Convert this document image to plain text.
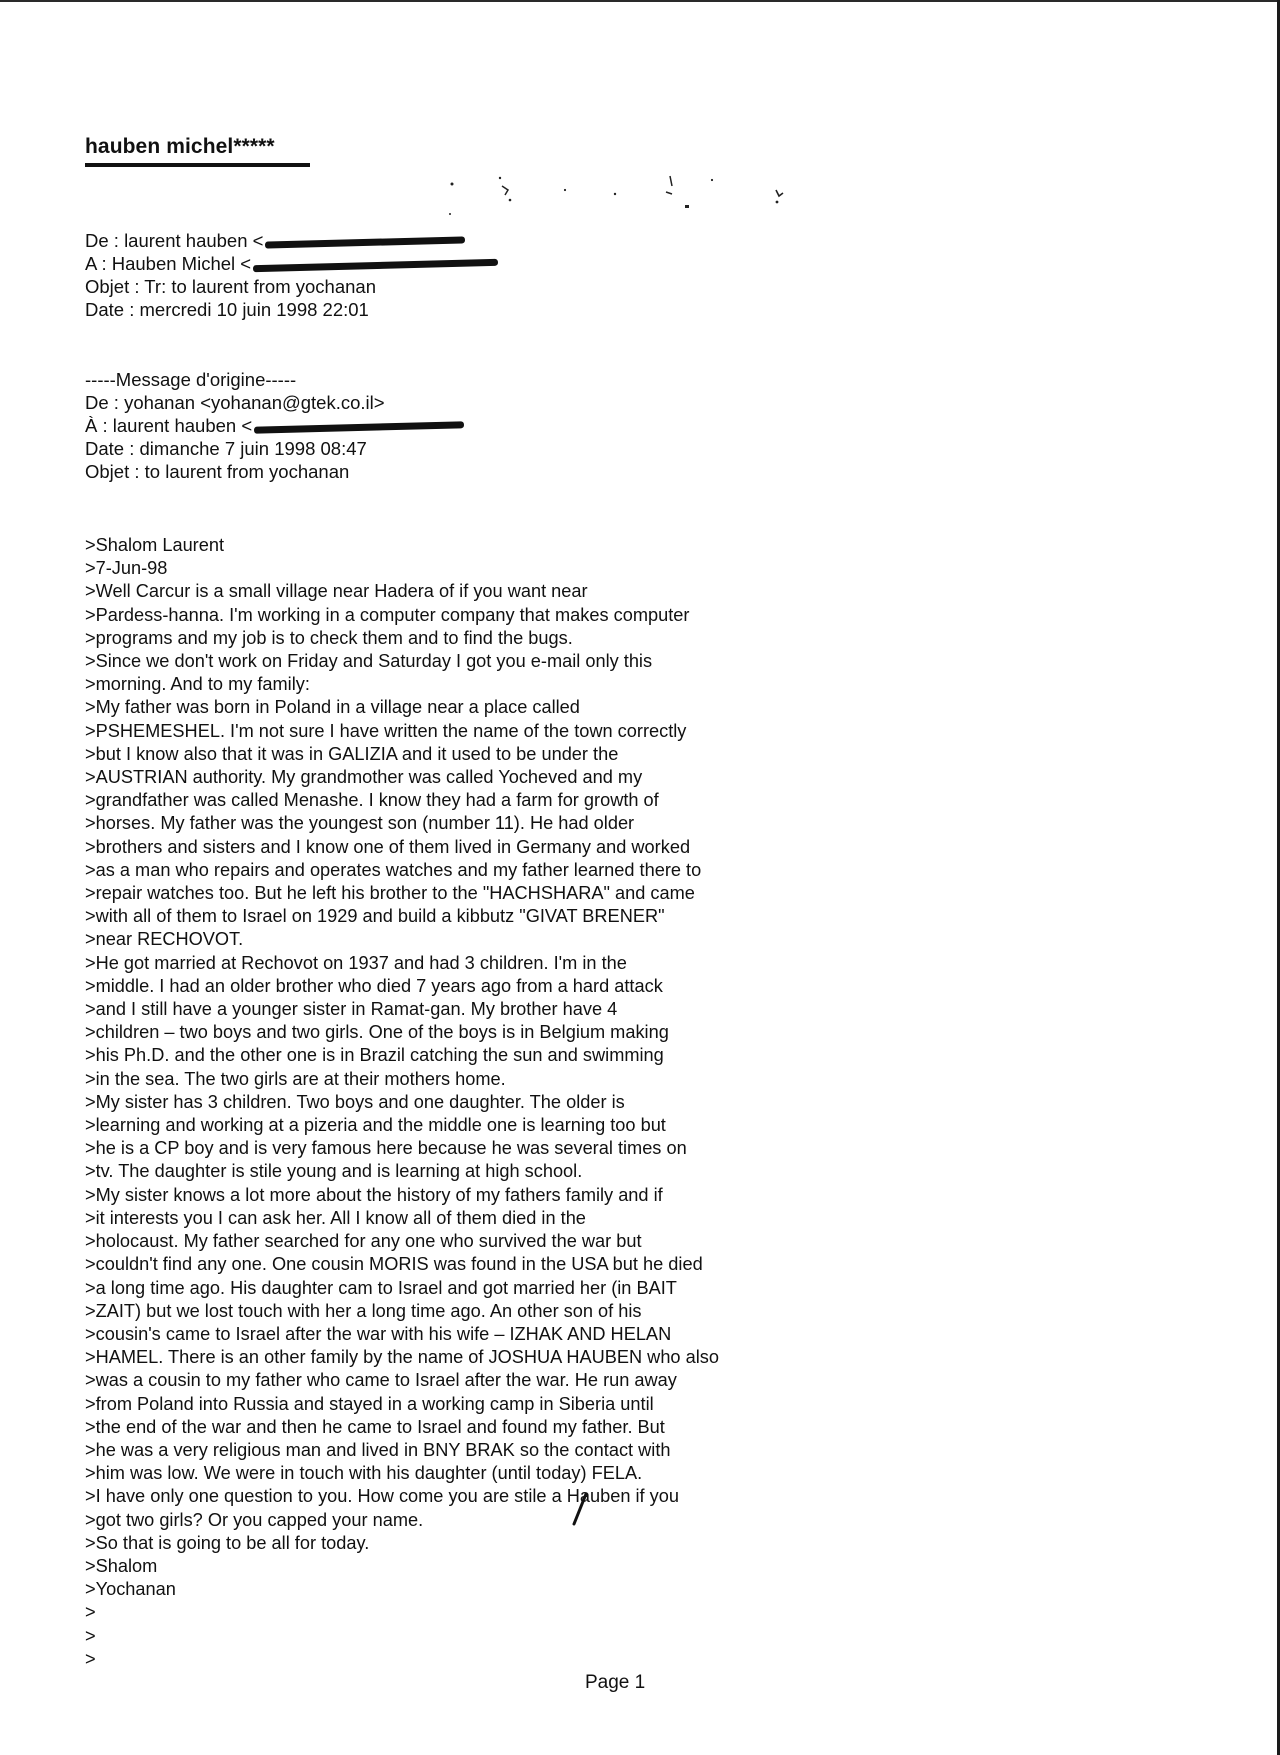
hauben michel*****
De : laurent hauben <
A : Hauben Michel <
Objet : Tr: to laurent from yochanan
Date : mercredi 10 juin 1998 22:01
-----Message d'origine-----
De : yohanan <yohanan@gtek.co.il>
À : laurent hauben <
Date : dimanche 7 juin 1998 08:47
Objet : to laurent from yochanan
>Shalom Laurent
>7-Jun-98
>Well Carcur is a small village near Hadera of if you want near
>Pardess-hanna. I'm working in a computer company that makes computer
>programs and my job is to check them and to find the bugs.
>Since we don't work on Friday and Saturday I got you e-mail only this
>morning. And to my family:
>My father was born in Poland in a village near a place called
>PSHEMESHEL. I'm not sure I have written the name of the town correctly
>but I know also that it was in GALIZIA and it used to be under the
>AUSTRIAN authority. My grandmother was called Yocheved and my
>grandfather was called Menashe. I know they had a farm for growth of
>horses. My father was the youngest son (number 11). He had older
>brothers and sisters and I know one of them lived in Germany and worked
>as a man who repairs and operates watches and my father learned there to
>repair watches too. But he left his brother to the "HACHSHARA" and came
>with all of them to Israel on 1929 and build a kibbutz "GIVAT BRENER"
>near RECHOVOT.
>He got married at Rechovot on 1937 and had 3 children. I'm in the
>middle. I had an older brother who died 7 years ago from a hard attack
>and I still have a younger sister in Ramat-gan. My brother have 4
>children – two boys and two girls. One of the boys is in Belgium making
>his Ph.D. and the other one is in Brazil catching the sun and swimming
>in the sea. The two girls are at their mothers home.
>My sister has 3 children. Two boys and one daughter. The older is
>learning and working at a pizeria and the middle one is learning too but
>he is a CP boy and is very famous here because he was several times on
>tv. The daughter is stile young and is learning at high school.
>My sister knows a lot more about the history of my fathers family and if
>it interests you I can ask her. All I know all of them died in the
>holocaust. My father searched for any one who survived the war but
>couldn't find any one. One cousin MORIS was found in the USA but he died
>a long time ago. His daughter cam to Israel and got married her (in BAIT
>ZAIT) but we lost touch with her a long time ago. An other son of his
>cousin's came to Israel after the war with his wife – IZHAK AND HELAN
>HAMEL. There is an other family by the name of JOSHUA HAUBEN who also
>was a cousin to my father who came to Israel after the war. He run away
>from Poland into Russia and stayed in a working camp in Siberia until
>the end of the war and then he came to Israel and found my father. But
>he was a very religious man and lived in BNY BRAK so the contact with
>him was low. We were in touch with his daughter (until today) FELA.
>I have only one question to you. How come you are stile a Hauben if you
>got two girls? Or you capped your name.
>So that is going to be all for today.
>Shalom
>Yochanan
>
>
>
Page 1
